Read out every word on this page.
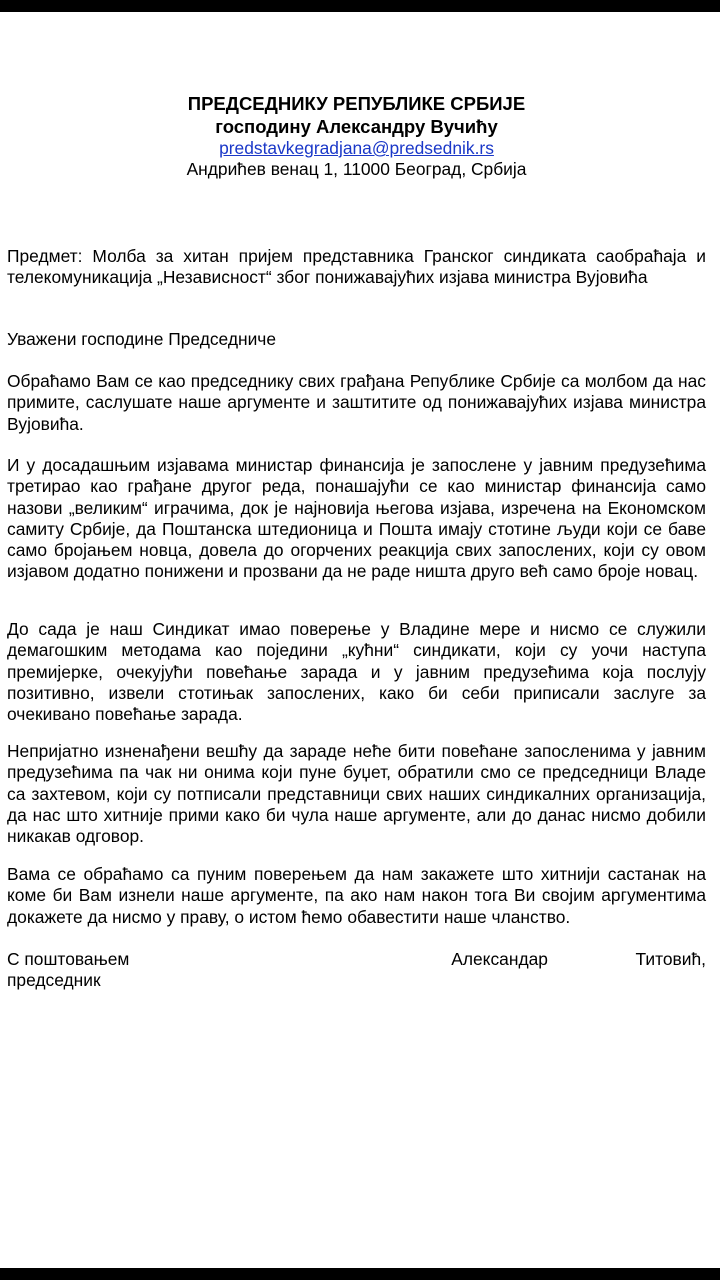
ПРЕДСЕДНИКУ РЕПУБЛИКЕ СРБИЈЕ
господину Александру Вучићу
predstavkegradjana@predsednik.rs
Андрићев венац 1, 11000 Београд, Србија
Предмет: Молба за хитан пријем представника Гранског синдиката саобраћаја и телекомуникација „Независност“ због понижавајућих изјава министра Вујовића
Уважени господине Председниче
Обраћамо Вам се као председнику свих грађана Републике Србије са молбом да нас примите, саслушате наше аргументе и заштитите од понижавајућих изјава министра Вујовића.
И у досадашњим изјавама министар финансија је запослене у јавним предузећима третирао као грађане другог реда, понашајући се као министар финансија само назови „великим“ играчима, док је најновија његова изјава, изречена на Економском самиту Србије, да Поштанска штедионица и Пошта имају стотине људи који се баве само бројањем новца, довела до огорчених реакција свих запослених, који су овом изјавом додатно понижени и прозвани да не раде ништа друго већ само броје новац.
До сада је наш Синдикат имао поверење у Владине мере и нисмо се служили демагошким методама као поједини „кућни“ синдикати, који су уочи наступа премијерке, очекујући повећање зарада и у јавним предузећима која послују позитивно, извели стотињак запослених, како би себи приписали заслуге за очекивано повећање зарада.
Непријатно изненађени вешћу да зараде неће бити повећане запосленима у јавним предузећима па чак ни онима који пуне буџет, обратили смо се председници Владе са захтевом, који су потписали представници свих наших синдикалних организација, да нас што хитније прими како би чула наше аргументе, али до данас нисмо добили никакав одговор.
Вама се обраћамо са пуним поверењем да нам закажете што хитнији састанак на коме би Вам изнели наше аргументе, па ако нам након тога Ви својим аргументима докажете да нисмо у праву, о истом ћемо обавестити наше чланство.
С поштовањем	Александар	Титовић,
председник
